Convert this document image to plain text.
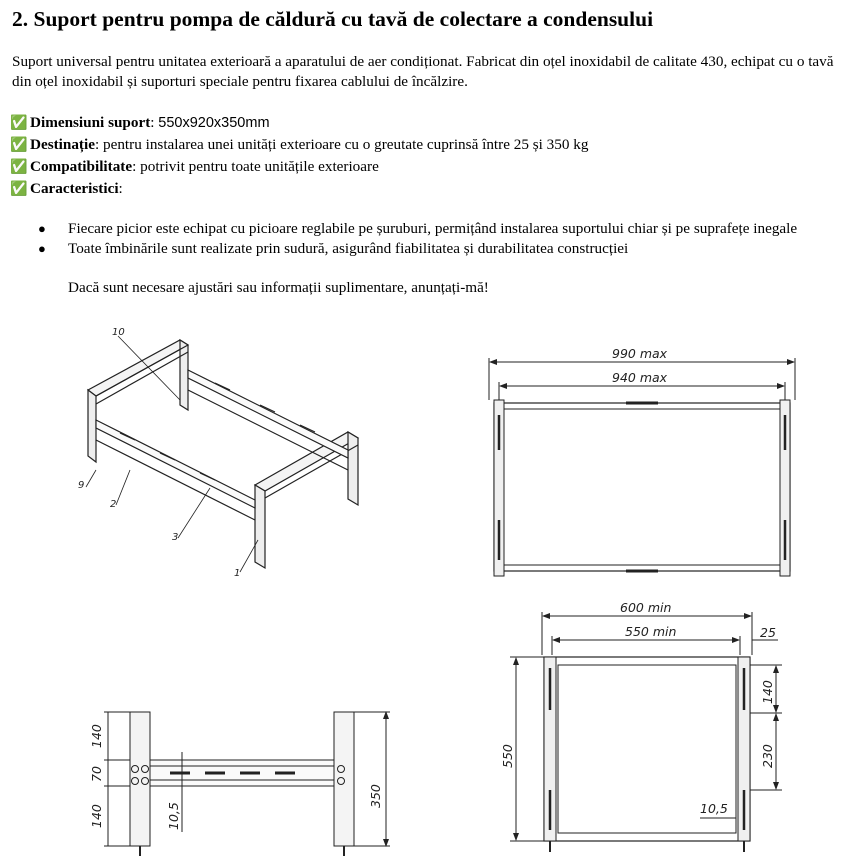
2. Suport pentru pompa de căldură cu tavă de colectare a condensului

Suport universal pentru unitatea exterioară a aparatului de aer condiționat. Fabricat din oțel inoxidabil de calitate 430, echipat cu o tavă din oțel inoxidabil și suporturi speciale pentru fixarea cablului de încălzire.

✅ Dimensiuni suport: 550x920x350mm
✅ Destinație: pentru instalarea unei unități exterioare cu o greutate cuprinsă între 25 și 350 kg
✅ Compatibilitate: potrivit pentru toate unitățile exterioare
✅ Caracteristici:
● Fiecare picior este echipat cu picioare reglabile pe șuruburi, permițând instalarea suportului chiar și pe suprafețe inegale
● Toate îmbinările sunt realizate prin sudură, asigurând fiabilitatea și durabilitatea construcției

Dacă sunt necesare ajustări sau informații suplimentare, anunțați-mă!

10
9
2
3
1
990 max
940 max
140
70
140	10,5
350
600 min
550 min	25
140
230
10,5
550
